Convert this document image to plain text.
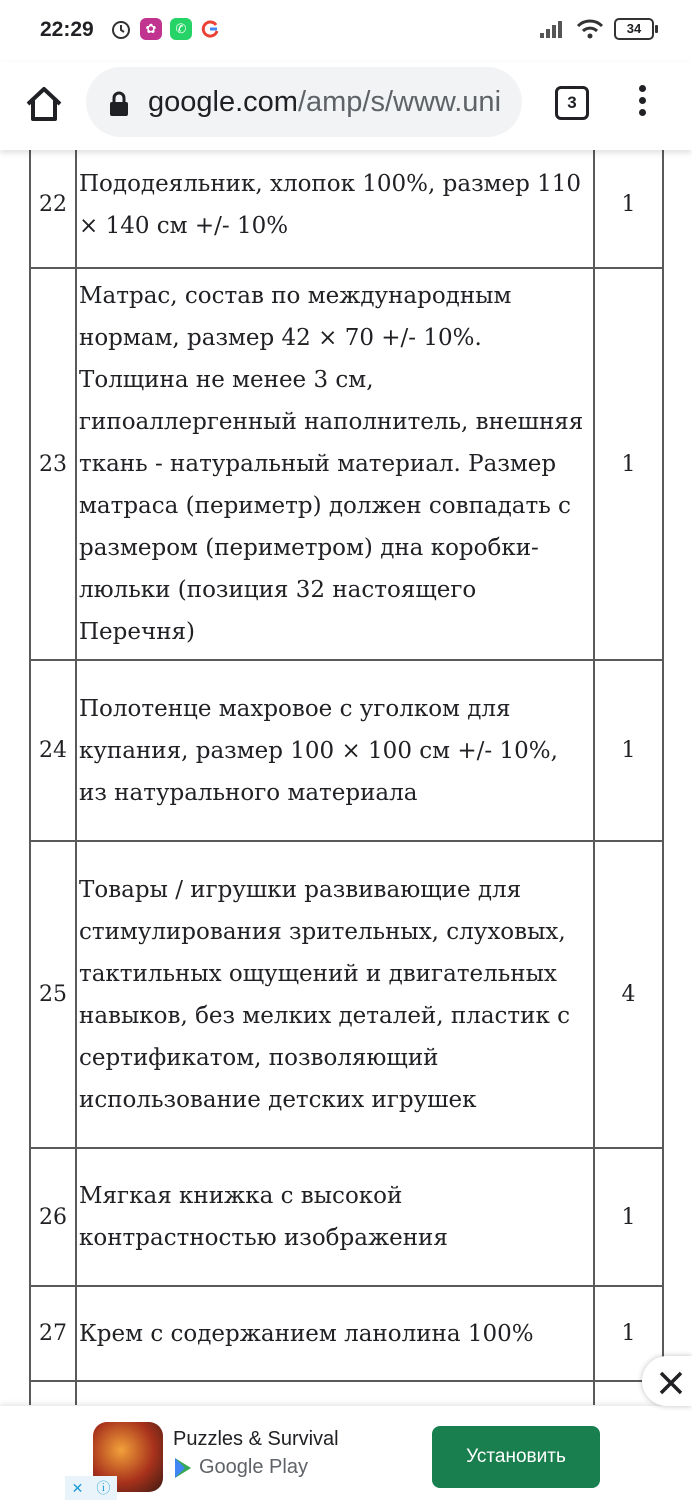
22:29	✿	✆	34
google.com/amp/s/www.uni	3
22	Пододеяльник, хлопок 100%, размер 110 × 140 см +/- 10%	1
23	Матрас, состав по международным нормам, размер 42 × 70 +/- 10%. Толщина не менее 3 см, гипоаллергенный наполнитель, внешняя ткань - натуральный материал. Размер матраса (периметр) должен совпадать с размером (периметром) дна коробки-люльки (позиция 32 настоящего Перечня)	1
24	Полотенце махровое с уголком для купания, размер 100 × 100 см +/- 10%, из натурального материала	1
25	Товары / игрушки развивающие для стимулирования зрительных, слуховых, тактильных ощущений и двигательных навыков, без мелких деталей, пластик с сертификатом, позволяющий использование детских игрушек	4
26	Мягкая книжка с высокой контрастностью изображения	1
27	Крем с содержанием ланолина 100%	1

Puzzles & Survival
Google Play	Установить
✕ ⓘ
